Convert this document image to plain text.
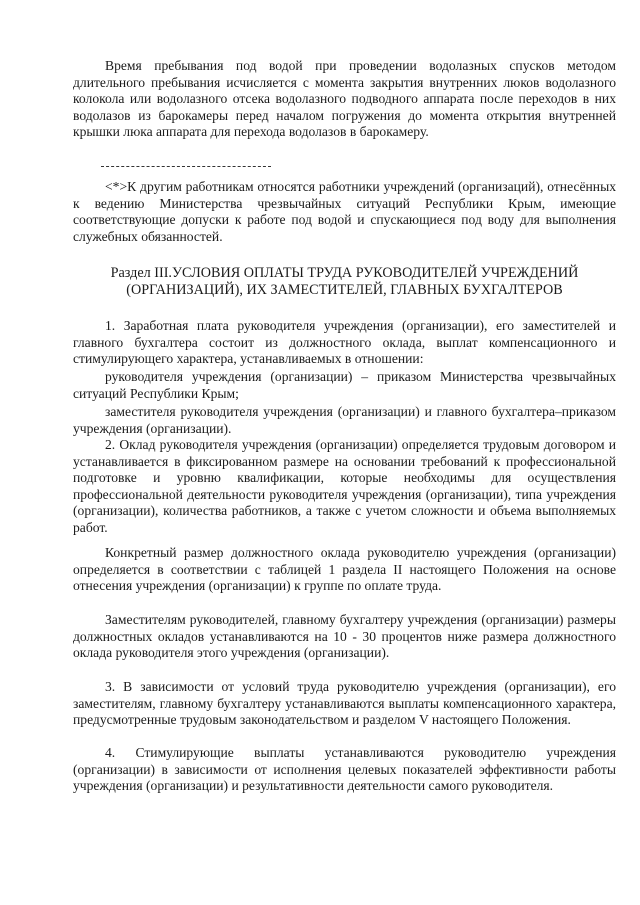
Время пребывания под водой при проведении водолазных спусков методом длительного пребывания исчисляется с момента закрытия внутренних люков водолазного колокола или водолазного отсека водолазного подводного аппарата после переходов в них водолазов из барокамеры перед началом погружения до момента открытия внутренней крышки люка аппарата для перехода водолазов в барокамеру.

<*>К другим работникам относятся работники учреждений (организаций), отнесённых к ведению Министерства чрезвычайных ситуаций Республики Крым, имеющие соответствующие допуски к работе под водой и спускающиеся под воду для выполнения служебных обязанностей.

Раздел III.УСЛОВИЯ ОПЛАТЫ ТРУДА РУКОВОДИТЕЛЕЙ УЧРЕЖДЕНИЙ
(ОРГАНИЗАЦИЙ), ИХ ЗАМЕСТИТЕЛЕЙ, ГЛАВНЫХ БУХГАЛТЕРОВ

1. Заработная плата руководителя учреждения (организации), его заместителей и главного бухгалтера состоит из должностного оклада, выплат компенсационного и стимулирующего характера, устанавливаемых в отношении:

руководителя учреждения (организации) – приказом Министерства чрезвычайных ситуаций Республики Крым;

заместителя руководителя учреждения (организации) и главного бухгалтера–приказом учреждения (организации).

2. Оклад руководителя учреждения (организации) определяется трудовым договором и устанавливается в фиксированном размере на основании требований к профессиональной подготовке и уровню квалификации, которые необходимы для осуществления профессиональной деятельности руководителя учреждения (организации), типа учреждения (организации), количества работников, а также с учетом сложности и объема выполняемых работ.

Конкретный размер должностного оклада руководителю учреждения (организации) определяется в соответствии с таблицей 1 раздела II настоящего Положения на основе отнесения учреждения (организации) к группе по оплате труда.

Заместителям руководителей, главному бухгалтеру учреждения (организации) размеры должностных окладов устанавливаются на 10 - 30 процентов ниже размера должностного оклада руководителя этого учреждения (организации).

3. В зависимости от условий труда руководителю учреждения (организации), его заместителям, главному бухгалтеру устанавливаются выплаты компенсационного характера, предусмотренные трудовым законодательством и разделом V настоящего Положения.

4. Стимулирующие выплаты устанавливаются руководителю учреждения (организации) в зависимости от исполнения целевых показателей эффективности работы учреждения (организации) и результативности деятельности самого руководителя.
